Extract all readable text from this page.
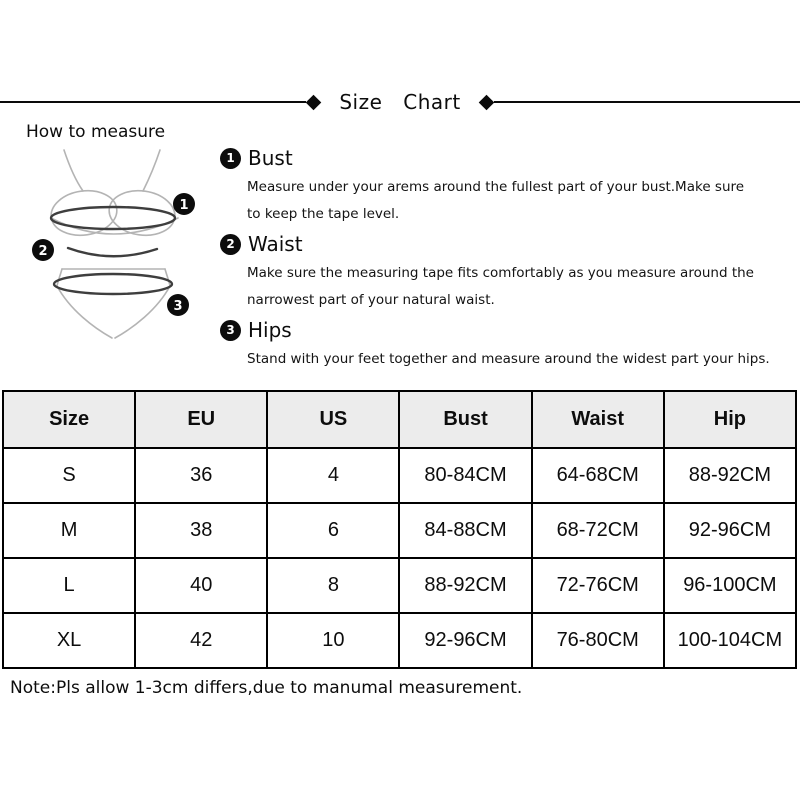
Size Chart
How to measure
1
2
3
1 Bust
Measure under your arems around the fullest part of your bust.Make sure
to keep the tape level.
2 Waist
Make sure the measuring tape fits comfortably as you measure around the
narrowest part of your natural waist.
3 Hips
Stand with your feet together and measure around the widest part your hips.
Size	EU	US	Bust	Waist	Hip
S	36	4	80-84CM	64-68CM	88-92CM
M	38	6	84-88CM	68-72CM	92-96CM
L	40	8	88-92CM	72-76CM	96-100CM
XL	42	10	92-96CM	76-80CM	100-104CM
Note:Pls allow 1-3cm differs,due to manumal measurement.
